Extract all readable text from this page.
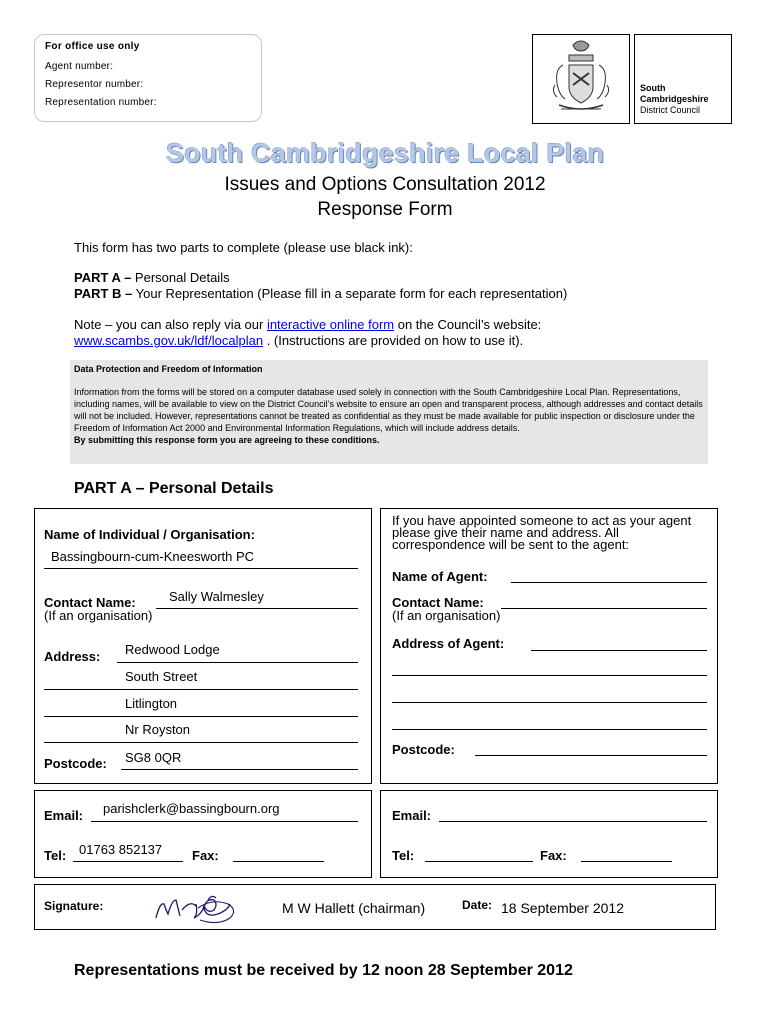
For office use only
Agent number:
Representor number:
Representation number:
South
Cambridgeshire
District Council
South Cambridgeshire Local Plan
Issues and Options Consultation 2012
Response Form
This form has two parts to complete (please use black ink):
PART A – Personal Details
PART B – Your Representation (Please fill in a separate form for each representation)
Note – you can also reply via our interactive online form on the Council’s website:
www.scambs.gov.uk/ldf/localplan . (Instructions are provided on how to use it).
Data Protection and Freedom of Information
Information from the forms will be stored on a computer database used solely in connection with the South Cambridgeshire Local Plan. Representations, including names, will be available to view on the District Council’s website to ensure an open and transparent process, although addresses and contact details will not be included. However, representations cannot be treated as confidential as they must be made available for public inspection or disclosure under the Freedom of Information Act 2000 and Environmental Information Regulations, which will include address details.
By submitting this response form you are agreeing to these conditions.
PART A – Personal Details
Name of Individual / Organisation:
Bassingbourn-cum-Kneesworth PC
Contact Name:	Sally Walmesley
(If an organisation)
Address: Redwood Lodge
South Street
Litlington
Nr Royston
Postcode: SG8 0QR
If you have appointed someone to act as your agent please give their name and address. All correspondence will be sent to the agent:
Name of Agent:
Contact Name:
(If an organisation)
Address of Agent:
Postcode:
Email: parishclerk@bassingbourn.org
Tel: 01763 852137 Fax:
Email:
Tel:	Fax:
Signature:	M W Hallett (chairman)	Date: 18 September 2012
Representations must be received by 12 noon 28 September 2012
